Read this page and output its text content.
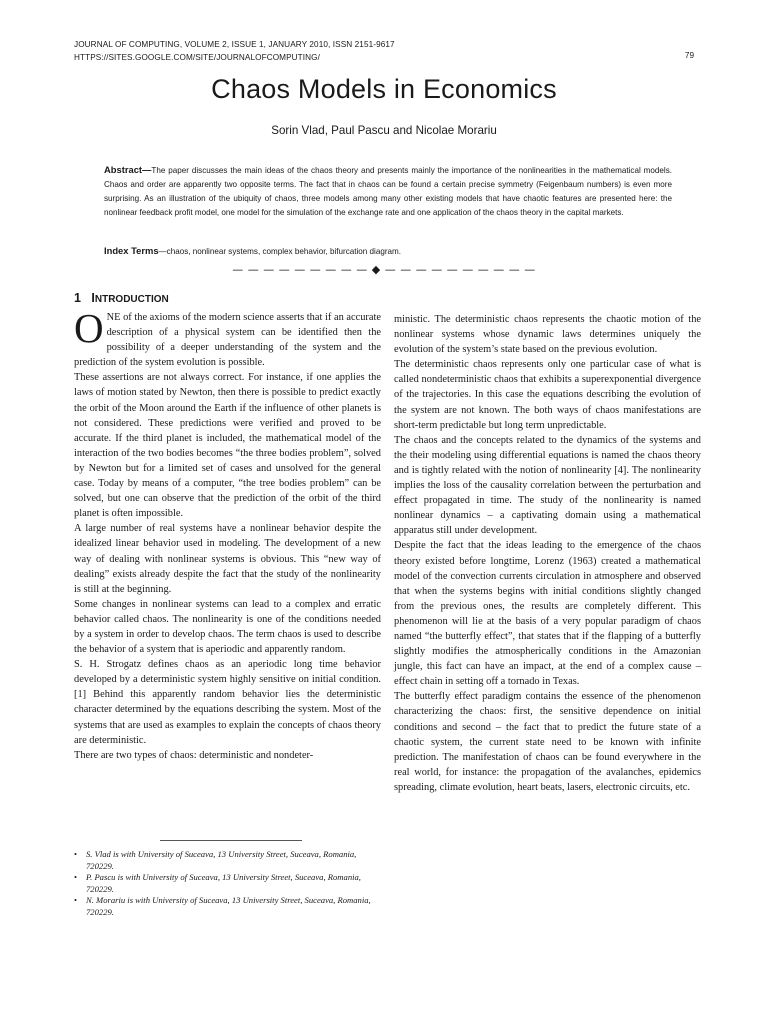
JOURNAL OF COMPUTING, VOLUME 2, ISSUE 1, JANUARY 2010, ISSN 2151-9617
HTTPS://SITES.GOOGLE.COM/SITE/JOURNALOFCOMPUTING/	79
Chaos Models in Economics
Sorin Vlad, Paul Pascu and Nicolae Morariu
Abstract—The paper discusses the main ideas of the chaos theory and presents mainly the importance of the nonlinearities in the mathematical models. Chaos and order are apparently two opposite terms. The fact that in chaos can be found a certain precise symmetry (Feigenbaum numbers) is even more surprising. As an illustration of the ubiquity of chaos, three models among many other existing models that have chaotic features are presented here: the nonlinear feedback profit model, one model for the simulation of the exchange rate and one application of the chaos theory in the capital markets.
Index Terms—chaos, nonlinear systems, complex behavior, bifurcation diagram.
— — — — — — — — — ◆ — — — — — — — — — —
1 INTRODUCTION

ONE of the axioms of the modern science asserts that if an accurate description of a physical system can be identified then the possibility of a deeper understanding of the system and the prediction of the system evolution is possible.

These assertions are not always correct. For instance, if one applies the laws of motion stated by Newton, then there is possible to predict exactly the orbit of the Moon around the Earth if the influence of other planets is not considered. These predictions were verified and proved to be accurate. If the third planet is included, the mathematical model of the interaction of the two bodies becomes “the three bodies problem”, solved by Newton but for a limited set of cases and unsolved for the general case. Today by means of a computer, “the tree bodies problem” can be solved, but one can observe that the prediction of the orbit of the third planet is often impossible.

A large number of real systems have a nonlinear behavior despite the idealized linear behavior used in modeling. The development of a new way of dealing with nonlinear systems is obvious. This “new way of dealing” exists already despite the fact that the study of the nonlinearity is still at the beginning.

Some changes in nonlinear systems can lead to a complex and erratic behavior called chaos. The nonlinearity is one of the conditions needed by a system in order to develop chaos. The term chaos is used to describe the behavior of a system that is aperiodic and apparently random.

S. H. Strogatz defines chaos as an aperiodic long time behavior developed by a deterministic system highly sensitive on initial condition. [1] Behind this apparently random behavior lies the deterministic character determined by the equations describing the system. Most of the systems that are used as examples to explain the concepts of chaos theory are deterministic.

There are two types of chaos: deterministic and nondeter-

• S. Vlad is with University of Suceava, 13 University Street, Suceava, Romania, 720229.
• P. Pascu is with University of Suceava, 13 University Street, Suceava, Romania, 720229.
• N. Morariu is with University of Suceava, 13 University Street, Suceava, Romania, 720229.

ministic. The deterministic chaos represents the chaotic motion of the nonlinear systems whose dynamic laws determines uniquely the evolution of the system’s state based on the previous evolution.

The deterministic chaos represents only one particular case of what is called nondeterministic chaos that exhibits a superexponential divergence of the trajectories. In this case the equations describing the evolution of the system are not known. The both ways of chaos manifestations are short-term predictable but long term unpredictable.

The chaos and the concepts related to the dynamics of the systems and the their modeling using differential equations is named the chaos theory and is tightly related with the notion of nonlinearity [4]. The nonlinearity implies the loss of the causality correlation between the perturbation and effect propagated in time. The study of the nonlinearity is named nonlinear dynamics – a captivating domain using a mathematical apparatus still under development.

Despite the fact that the ideas leading to the emergence of the chaos theory existed before longtime, Lorenz (1963) created a mathematical model of the convection currents circulation in atmosphere and observed that when the systems begins with initial conditions slightly changed from the previous ones, the results are completely different. This phenomenon will lie at the basis of a very popular paradigm of chaos named “the butterfly effect”, that states that if the flapping of a butterfly slightly modifies the atmospherically conditions in the Amazonian jungle, this fact can have an impact, at the end of a complex cause – effect chain in setting off a tornado in Texas.

The butterfly effect paradigm contains the essence of the phenomenon characterizing the chaos: first, the sensitive dependence on initial conditions and second – the fact that to predict the future state of a chaotic system, the current state need to be known with infinite prediction. The manifestation of chaos can be found everywhere in the real world, for instance: the propagation of the avalanches, epidemics spreading, climate evolution, heart beats, lasers, electronic circuits, etc.
